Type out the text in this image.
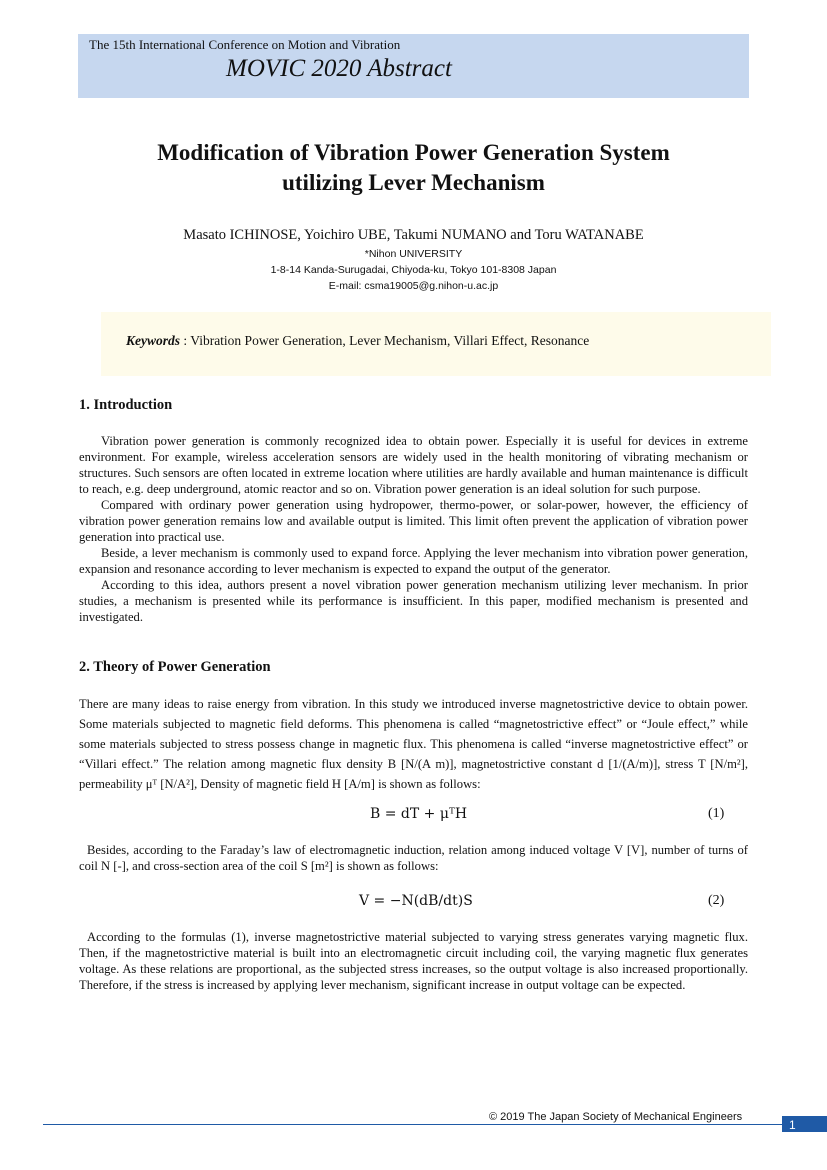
The 15th International Conference on Motion and Vibration
MOVIC 2020 Abstract
Modification of Vibration Power Generation System
utilizing Lever Mechanism
Masato ICHINOSE, Yoichiro UBE, Takumi NUMANO and Toru WATANABE
*Nihon UNIVERSITY
1-8-14 Kanda-Surugadai, Chiyoda-ku, Tokyo 101-8308 Japan
E-mail: csma19005@g.nihon-u.ac.jp
Keywords : Vibration Power Generation, Lever Mechanism, Villari Effect, Resonance
1. Introduction

Vibration power generation is commonly recognized idea to obtain power. Especially it is useful for devices in extreme environment. For example, wireless acceleration sensors are widely used in the health monitoring of vibrating mechanism or structures. Such sensors are often located in extreme location where utilities are hardly available and human maintenance is difficult to reach, e.g. deep underground, atomic reactor and so on. Vibration power generation is an ideal solution for such purpose.

Compared with ordinary power generation using hydropower, thermo-power, or solar-power, however, the efficiency of vibration power generation remains low and available output is limited. This limit often prevent the application of vibration power generation into practical use.

Beside, a lever mechanism is commonly used to expand force. Applying the lever mechanism into vibration power generation, expansion and resonance according to lever mechanism is expected to expand the output of the generator.

According to this idea, authors present a novel vibration power generation mechanism utilizing lever mechanism. In prior studies, a mechanism is presented while its performance is insufficient. In this paper, modified mechanism is presented and investigated.

2. Theory of Power Generation
There are many ideas to raise energy from vibration. In this study we introduced inverse magnetostrictive device to obtain power. Some materials subjected to magnetic field deforms. This phenomena is called “magnetostrictive effect” or “Joule effect,” while some materials subjected to stress possess change in magnetic flux. This phenomena is called “inverse magnetostrictive effect” or “Villari effect.” The relation among magnetic flux density B [N/(A m)], magnetostrictive constant d [1/(A/m)], stress T [N/m²], permeability μᵀ [N/A²], Density of magnetic field H [A/m] is shown as follows:
B = dT + μᵀH	(1)
Besides, according to the Faraday’s law of electromagnetic induction, relation among induced voltage V [V], number of turns of coil N [-], and cross-section area of the coil S [m²] is shown as follows:
V = −N(dB/dt)S	(2)
According to the formulas (1), inverse magnetostrictive material subjected to varying stress generates varying magnetic flux. Then, if the magnetostrictive material is built into an electromagnetic circuit including coil, the varying magnetic flux generates voltage. As these relations are proportional, as the subjected stress increases, so the output voltage is also increased proportionally. Therefore, if the stress is increased by applying lever mechanism, significant increase in output voltage can be expected.
© 2019 The Japan Society of Mechanical Engineers
1
